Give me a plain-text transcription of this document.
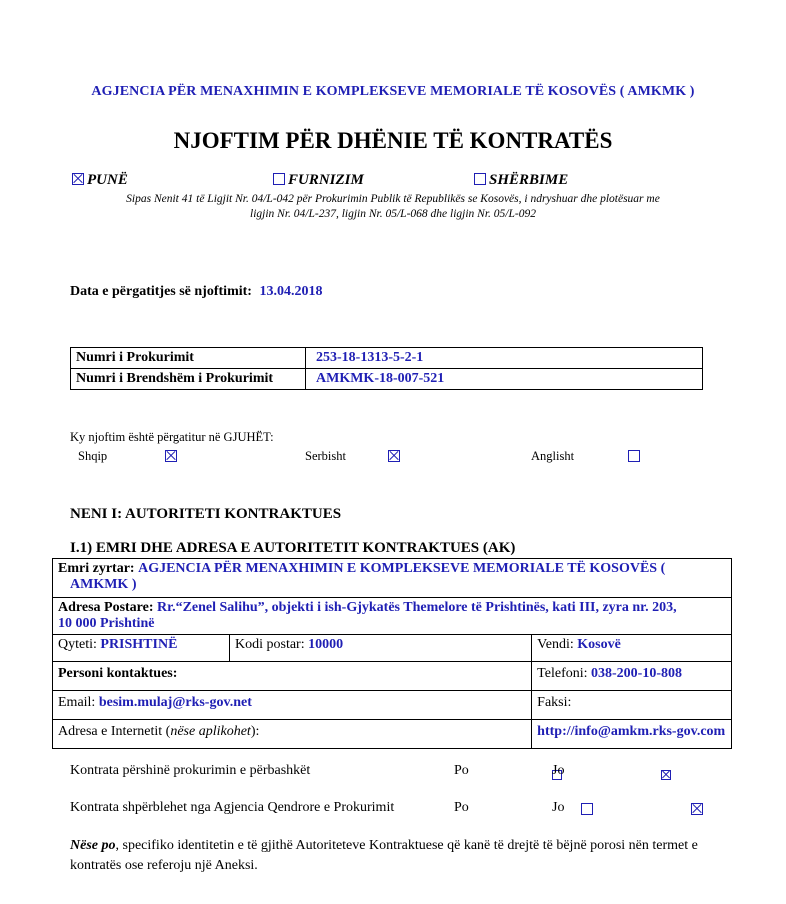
AGJENCIA PËR MENAXHIMIN E KOMPLEKSEVE MEMORIALE TË KOSOVËS ( AMKMK )
NJOFTIM PËR DHËNIE TË KONTRATËS
PUNË	FURNIZIM	SHËRBIME
Sipas Nenit 41 të Ligjit Nr. 04/L-042 për Prokurimin Publik të Republikës se Kosovës, i ndryshuar dhe plotësuar me
ligjin Nr. 04/L-237, ligjin Nr. 05/L-068 dhe ligjin Nr. 05/L-092
Data e përgatitjes së njoftimit: 13.04.2018
Numri i Prokurimit	253-18-1313-5-2-1
Numri i Brendshëm i Prokurimit	AMKMK-18-007-521
Ky njoftim është përgatitur në GJUHËT:
Shqip
	Serbisht
	Anglisht

NENI I: AUTORITETI KONTRAKTUES
I.1) EMRI DHE ADRESA E AUTORITETIT KONTRAKTUES (AK)
Emri zyrtar: AGJENCIA PËR MENAXHIMIN E KOMPLEKSEVE MEMORIALE TË KOSOVËS (
AMKMK )		
Adresa Postare: Rr.“Zenel Salihu”, objekti i ish-Gjykatës Themelore të Prishtinës, kati III, zyra nr. 203,
10 000 Prishtinë		
Qyteti: PRISHTINË	Kodi postar: 10000	Vendi: Kosovë
Personi kontaktues:		Telefoni: 038-200-10-808
Email: besim.mulaj@rks-gov.net		Faksi:
Adresa e Internetit (nëse aplikohet):		http://info@amkm.rks-gov.com
Kontrata përshinë prokurimin e përbashkët	Po
	Jo

Kontrata shpërblehet nga Agjencia Qendrore e Prokurimit	Po
	Jo
Nëse po, specifiko identitetin e të gjithë Autoriteteve Kontraktuese që kanë të drejtë të bëjnë porosi nën termet e kontratës ose referoju një Aneksi.
